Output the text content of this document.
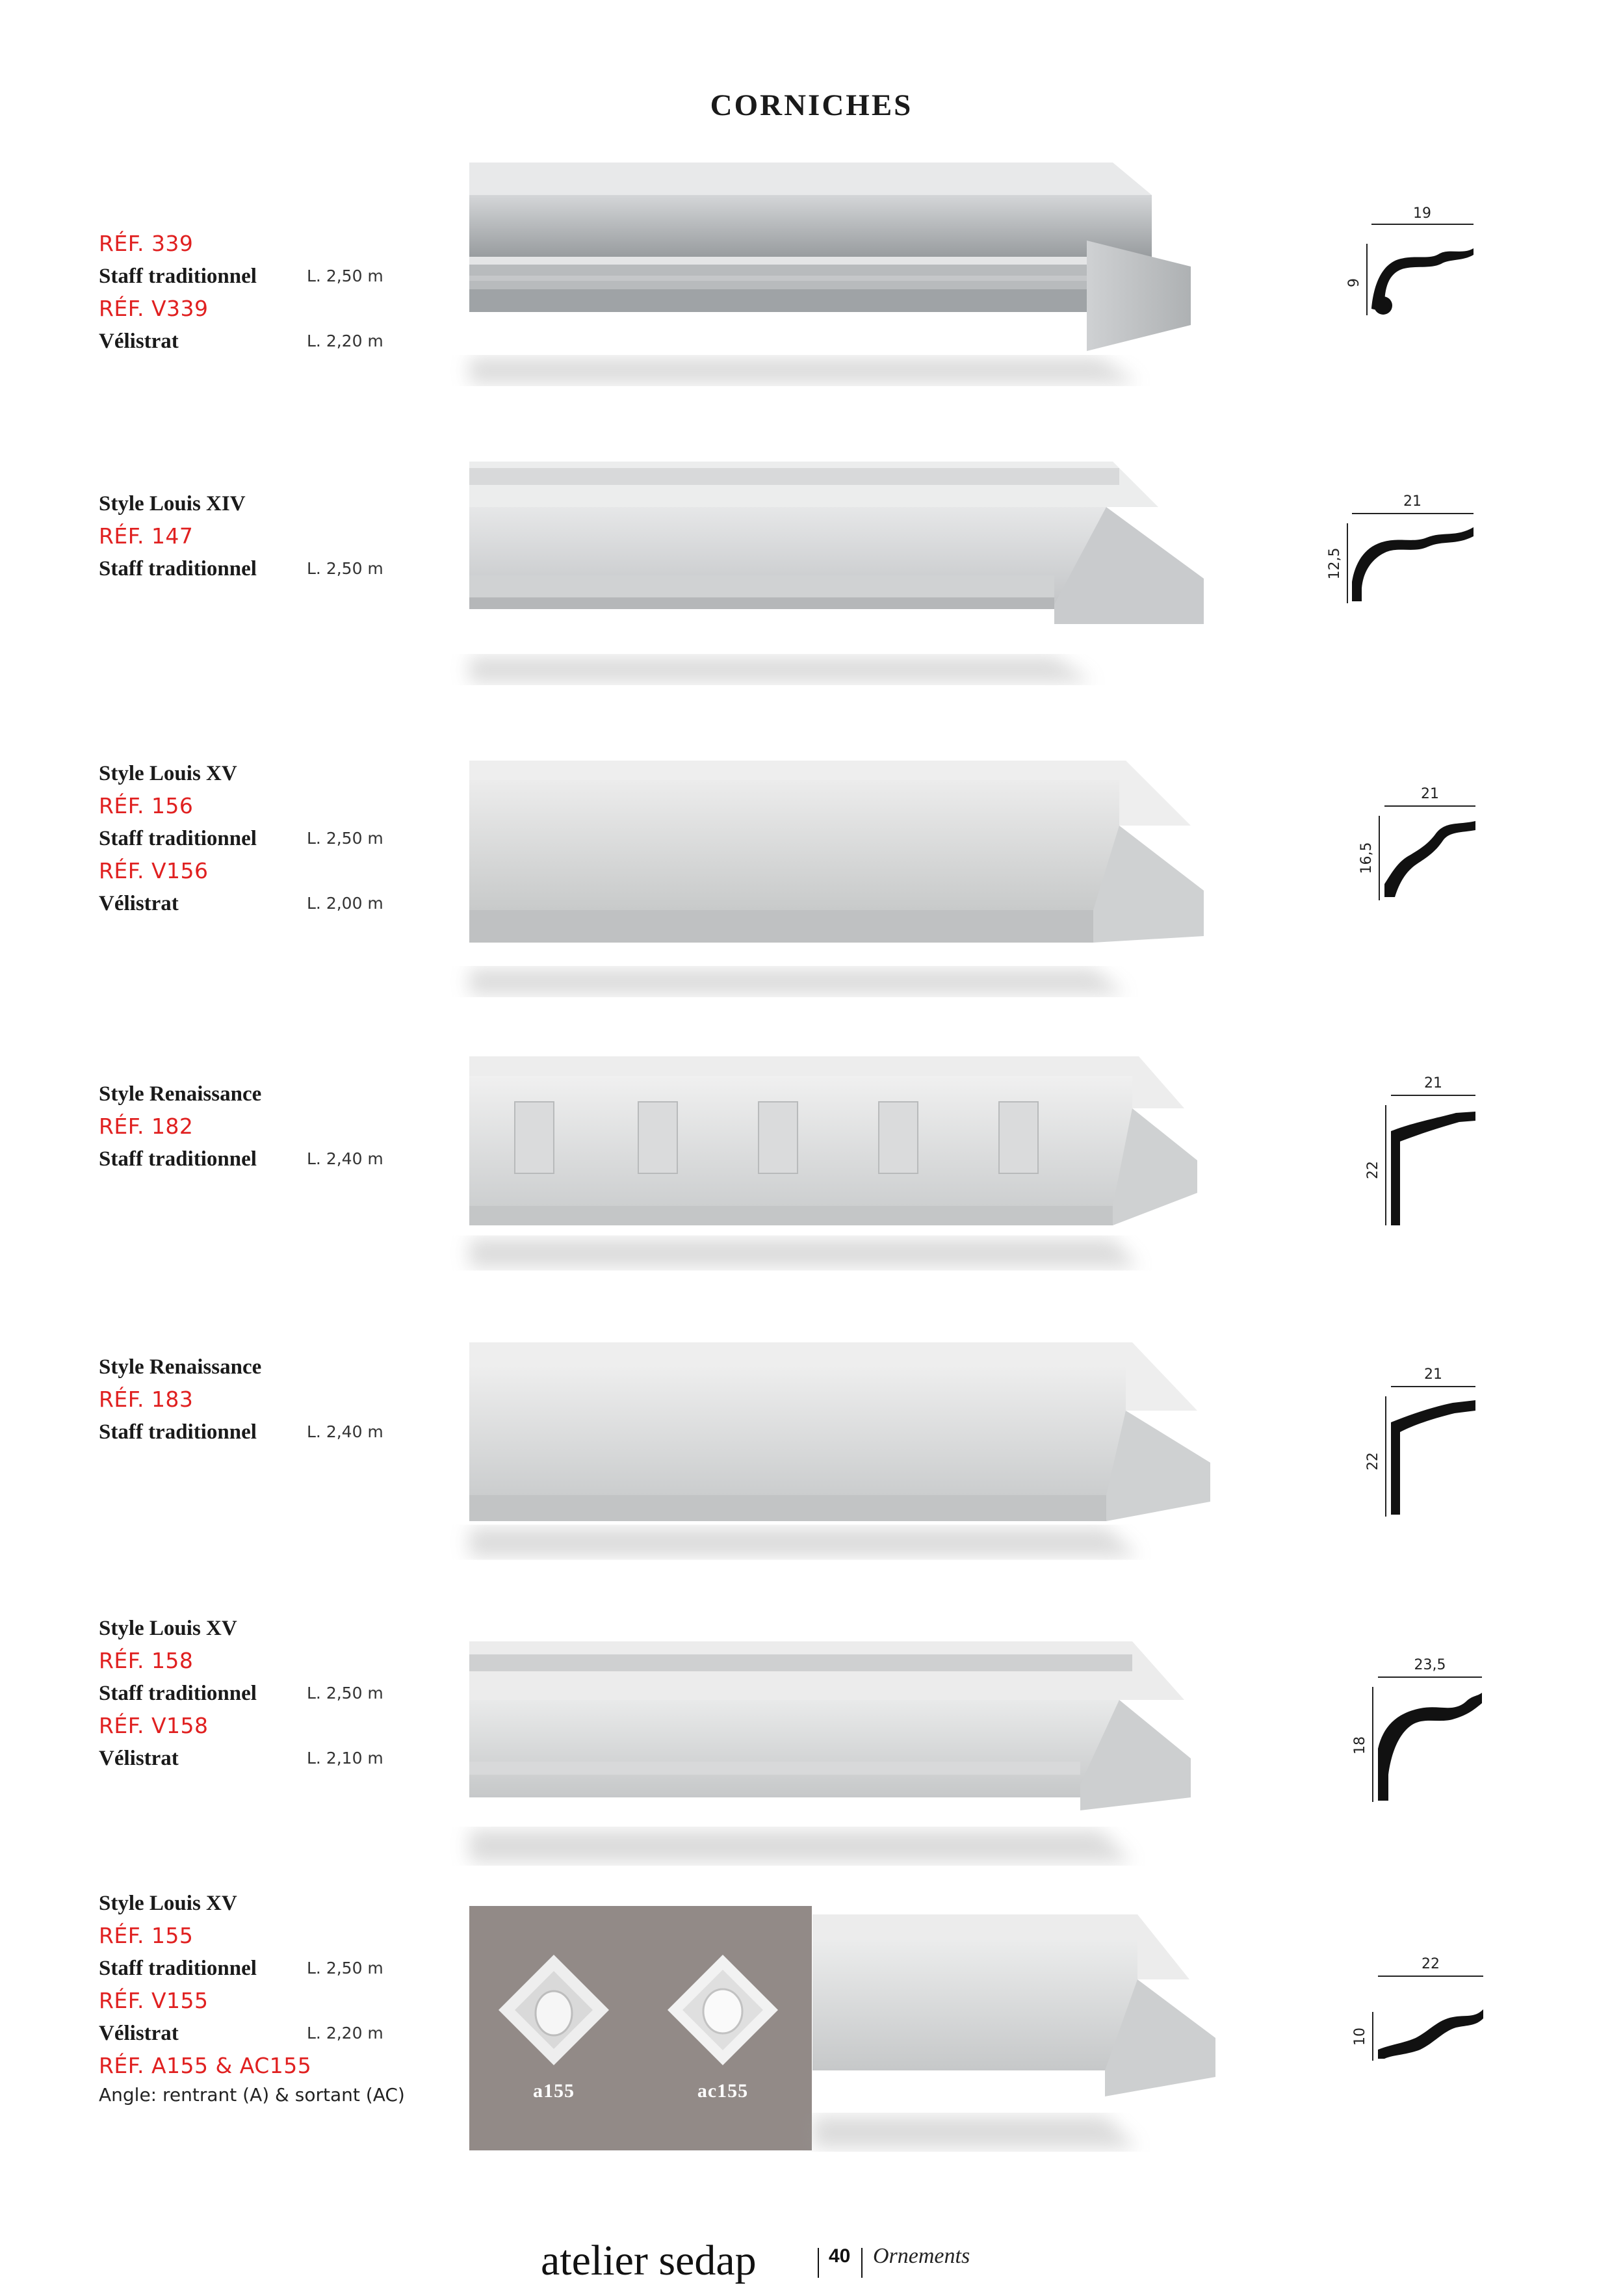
CORNICHES
RÉF. 339
Staff traditionnel	L. 2,50 m
RÉF. V339
Vélistrat	L. 2,20 m
19
9
Style Louis XIV
RÉF. 147
Staff traditionnel	L. 2,50 m
21
12,5
Style Louis XV
RÉF. 156
Staff traditionnel	L. 2,50 m
RÉF. V156
Vélistrat	L. 2,00 m
21
16,5
Style Renaissance
RÉF. 182
Staff traditionnel	L. 2,40 m
21
22
Style Renaissance
RÉF. 183
Staff traditionnel	L. 2,40 m
21
22
Style Louis XV
RÉF. 158
Staff traditionnel	L. 2,50 m
RÉF. V158
Vélistrat	L. 2,10 m
23,5
18
Style Louis XV
RÉF. 155
Staff traditionnel	L. 2,50 m
RÉF. V155
Vélistrat	L. 2,20 m
RÉF. A155 & AC155
Angle: rentrant (A) & sortant (AC)	a155	ac155
22
10
atelier sedap	40 Ornements
